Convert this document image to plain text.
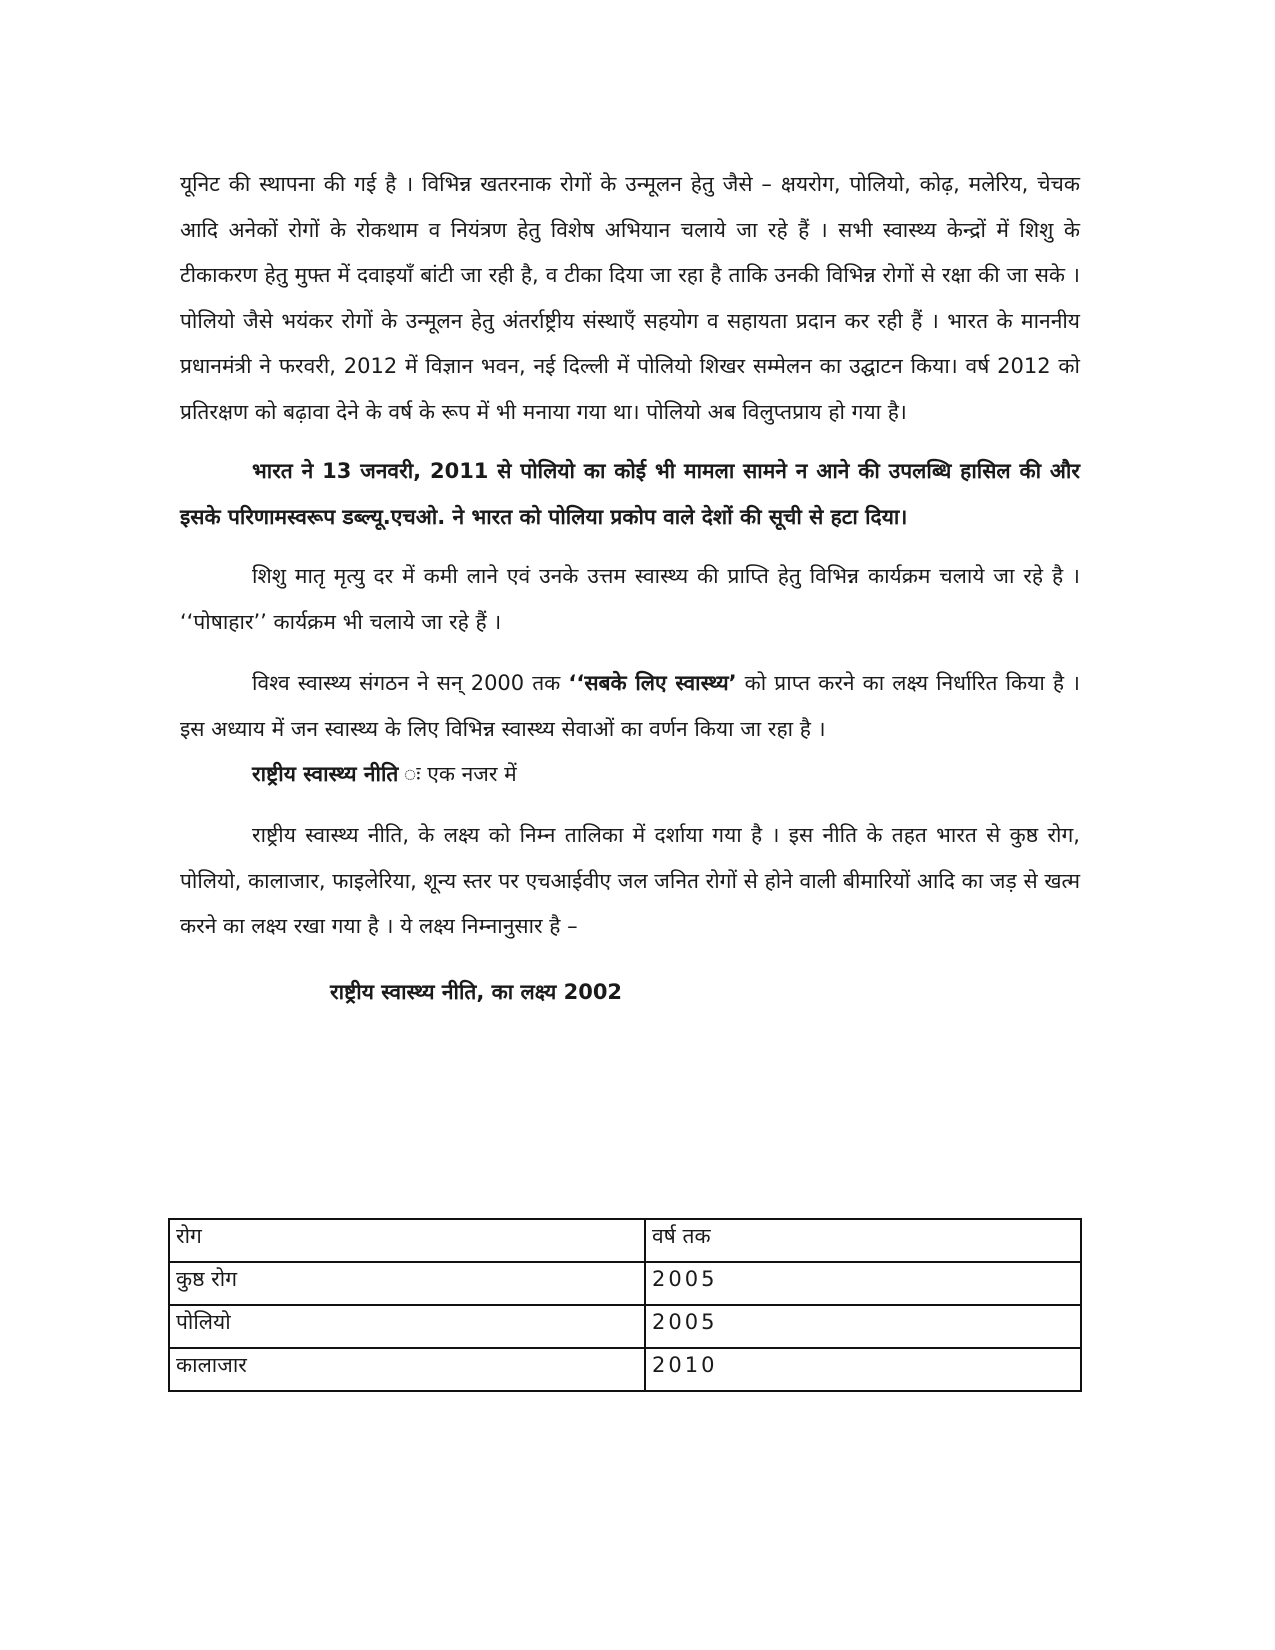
यूनिट की स्थापना की गई है । विभिन्न खतरनाक रोगों के उन्मूलन हेतु जैसे – क्षयरोग, पोलियो, कोढ़, मलेरिय, चेचक आदि अनेकों रोगों के रोकथाम व नियंत्रण हेतु विशेष अभियान चलाये जा रहे हैं । सभी स्वास्थ्य केन्द्रों में शिशु के टीकाकरण हेतु मुफ्त में दवाइयाँ बांटी जा रही है, व टीका दिया जा रहा है ताकि उनकी विभिन्न रोगों से रक्षा की जा सके । पोलियो जैसे भयंकर रोगों के उन्मूलन हेतु अंतर्राष्ट्रीय संस्थाएँ सहयोग व सहायता प्रदान कर रही हैं । भारत के माननीय प्रधानमंत्री ने फरवरी, 2012 में विज्ञान भवन, नई दिल्ली में पोलियो शिखर सम्मेलन का उद्घाटन किया। वर्ष 2012 को प्रतिरक्षण को बढ़ावा देने के वर्ष के रूप में भी मनाया गया था। पोलियो अब विलुप्तप्राय हो गया है।

भारत ने 13 जनवरी, 2011 से पोलियो का कोई भी मामला सामने न आने की उपलब्धि हासिल की और इसके परिणामस्वरूप डब्ल्यू.एचओ. ने भारत को पोलिया प्रकोप वाले देशों की सूची से हटा दिया।

शिशु मातृ मृत्यु दर में कमी लाने एवं उनके उत्तम स्वास्थ्य की प्राप्ति हेतु विभिन्न कार्यक्रम चलाये जा रहे है । ‘‘पोषाहार’’ कार्यक्रम भी चलाये जा रहे हैं ।

विश्व स्वास्थ्य संगठन ने सन् 2000 तक ‘‘सबके लिए स्वास्थ्य’ को प्राप्त करने का लक्ष्य निर्धारित किया है । इस अध्याय में जन स्वास्थ्य के लिए विभिन्न स्वास्थ्य सेवाओं का वर्णन किया जा रहा है ।

राष्ट्रीय स्वास्थ्य नीति ः एक नजर में

राष्ट्रीय स्वास्थ्य नीति, के लक्ष्य को निम्न तालिका में दर्शाया गया है । इस नीति के तहत भारत से कुष्ठ रोग, पोलियो, कालाजार, फाइलेरिया, शून्य स्तर पर एचआईवीए जल जनित रोगों से होने वाली बीमारियों आदि का जड़ से खत्म करने का लक्ष्य रखा गया है । ये लक्ष्य निम्नानुसार है –

राष्ट्रीय स्वास्थ्य नीति, का लक्ष्य 2002

रोग	वर्ष तक
कुष्ठ रोग	2005
पोलियो	2005
कालाजार	2010
